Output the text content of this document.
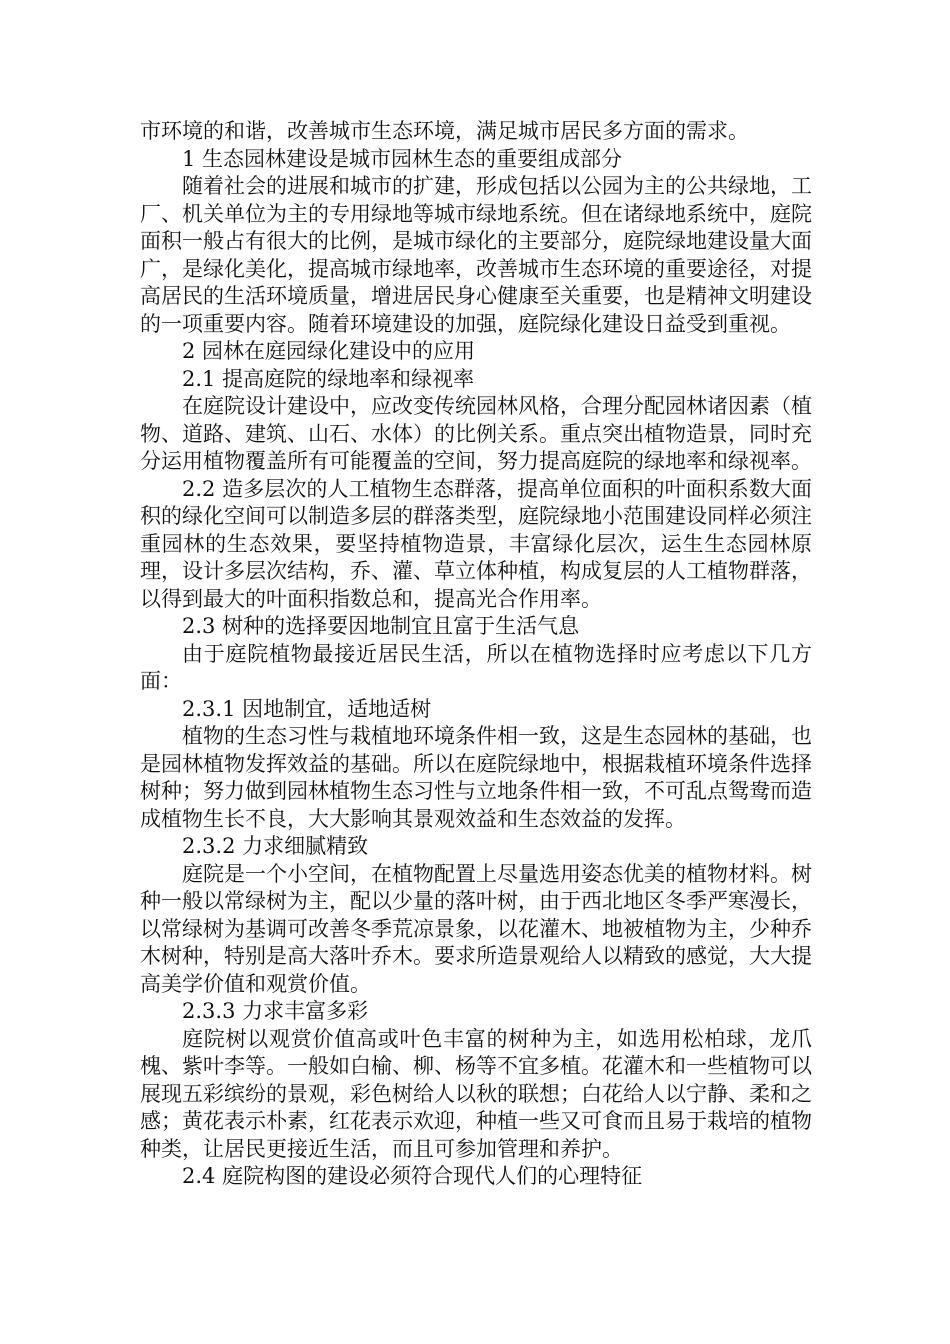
市环境的和谐，改善城市生态环境，满足城市居民多方面的需求。

1 生态园林建设是城市园林生态的重要组成部分

随着社会的进展和城市的扩建，形成包括以公园为主的公共绿地，工厂、机关单位为主的专用绿地等城市绿地系统。但在诸绿地系统中，庭院面积一般占有很大的比例，是城市绿化的主要部分，庭院绿地建设量大面广，是绿化美化，提高城市绿地率，改善城市生态环境的重要途径，对提高居民的生活环境质量，增进居民身心健康至关重要，也是精神文明建设的一项重要内容。随着环境建设的加强，庭院绿化建设日益受到重视。

2 园林在庭园绿化建设中的应用

2.1 提高庭院的绿地率和绿视率

在庭院设计建设中，应改变传统园林风格，合理分配园林诸因素（植物、道路、建筑、山石、水体）的比例关系。重点突出植物造景，同时充分运用植物覆盖所有可能覆盖的空间，努力提高庭院的绿地率和绿视率。

2.2 造多层次的人工植物生态群落，提高单位面积的叶面积系数大面积的绿化空间可以制造多层的群落类型，庭院绿地小范围建设同样必须注重园林的生态效果，要坚持植物造景，丰富绿化层次，运生生态园林原理，设计多层次结构，乔、灌、草立体种植，构成复层的人工植物群落，以得到最大的叶面积指数总和，提高光合作用率。

2.3 树种的选择要因地制宜且富于生活气息

由于庭院植物最接近居民生活，所以在植物选择时应考虑以下几方面：

2.3.1 因地制宜，适地适树

植物的生态习性与栽植地环境条件相一致，这是生态园林的基础，也是园林植物发挥效益的基础。所以在庭院绿地中，根据栽植环境条件选择树种；努力做到园林植物生态习性与立地条件相一致，不可乱点鸳鸯而造成植物生长不良，大大影响其景观效益和生态效益的发挥。

2.3.2 力求细腻精致

庭院是一个小空间，在植物配置上尽量选用姿态优美的植物材料。树种一般以常绿树为主，配以少量的落叶树，由于西北地区冬季严寒漫长，以常绿树为基调可改善冬季荒凉景象，以花灌木、地被植物为主，少种乔木树种，特别是高大落叶乔木。要求所造景观给人以精致的感觉，大大提高美学价值和观赏价值。

2.3.3 力求丰富多彩

庭院树以观赏价值高或叶色丰富的树种为主，如选用松柏球，龙爪槐、紫叶李等。一般如白榆、柳、杨等不宜多植。花灌木和一些植物可以展现五彩缤纷的景观，彩色树给人以秋的联想；白花给人以宁静、柔和之感；黄花表示朴素，红花表示欢迎，种植一些又可食而且易于栽培的植物种类，让居民更接近生活，而且可参加管理和养护。

2.4 庭院构图的建设必须符合现代人们的心理特征
